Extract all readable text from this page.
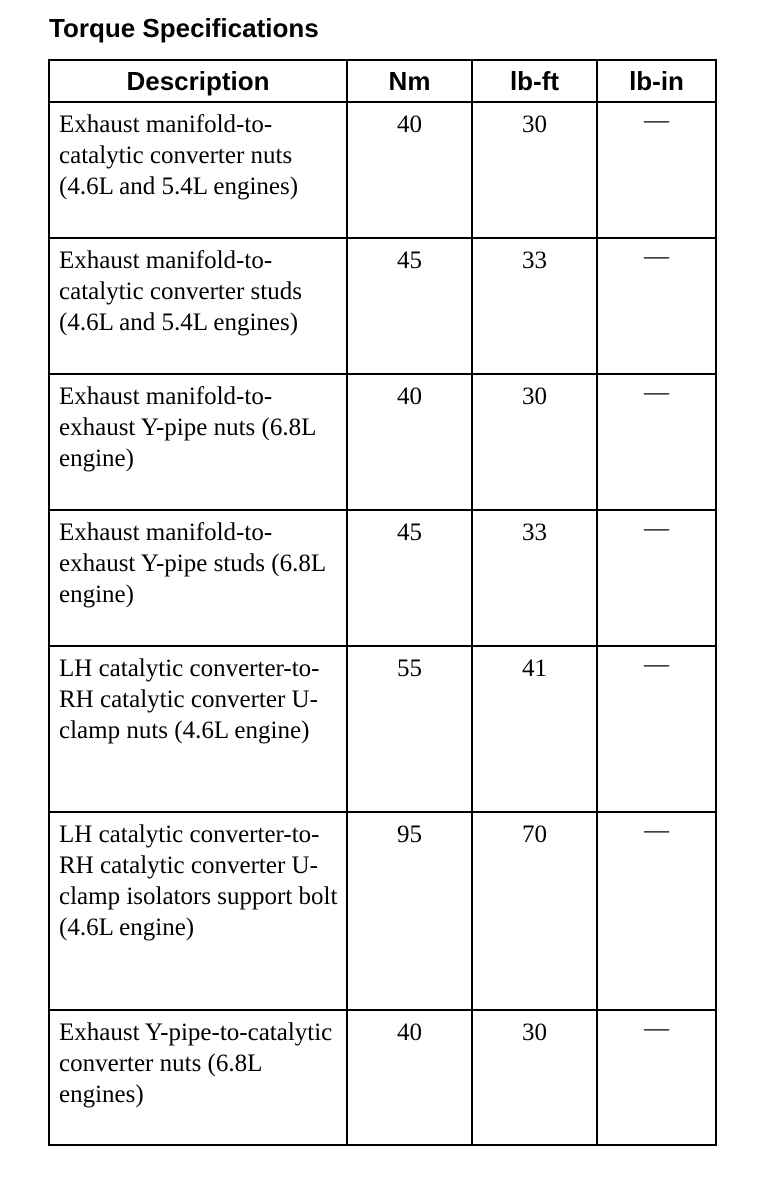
Torque Specifications
Description	Nm	lb-ft	lb-in
Exhaust manifold-to-catalytic converter nuts (4.6L and 5.4L engines)	40	30	—
Exhaust manifold-to-catalytic converter studs (4.6L and 5.4L engines)	45	33	—
Exhaust manifold-to-exhaust Y-pipe nuts (6.8L engine)	40	30	—
Exhaust manifold-to-exhaust Y-pipe studs (6.8L engine)	45	33	—
LH catalytic converter-to-RH catalytic converter U-clamp nuts (4.6L engine)	55	41	—
LH catalytic converter-to-RH catalytic converter U-clamp isolators support bolt (4.6L engine)	95	70	—
Exhaust Y-pipe-to-catalytic converter nuts (6.8L engines)	40	30	—
